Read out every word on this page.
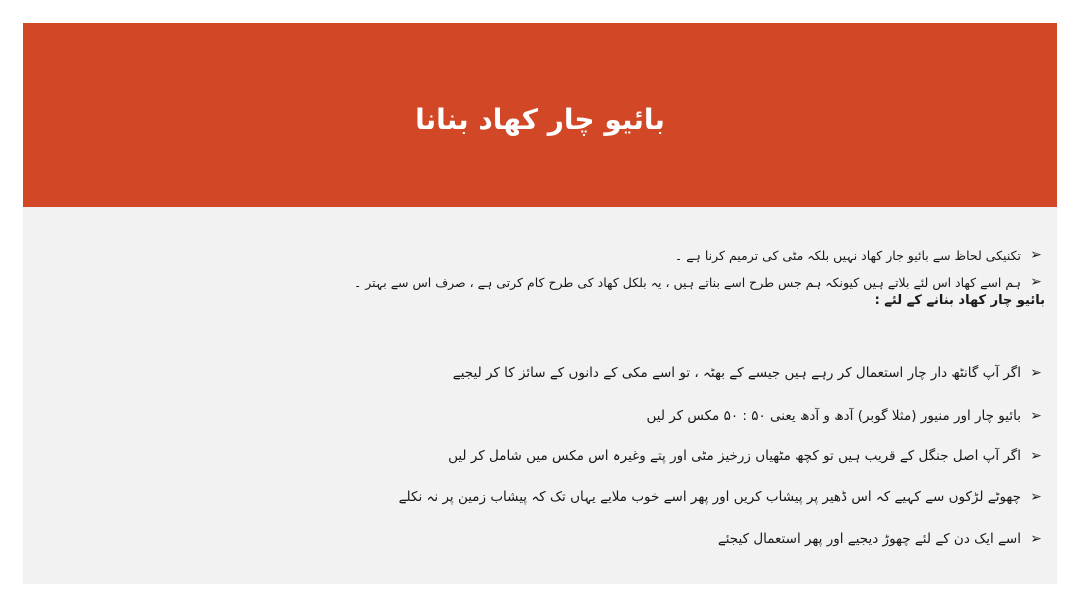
بائیو چار کھاد بنانا
➢
تکنیکی لحاظ سے بائیو جار کھاد نہیں بلکہ مٹی کی ترمیم کرنا ہے ۔
➢
ہم اسے کھاد اس لئے بلاتے ہیں کیونکہ ہم جس طرح اسے بناتے ہیں ، یہ بلکل کھاد کی طرح کام کرتی ہے ، صرف اس سے بہتر ۔
بائیو چار کھاد بنانے کے لئے :
➢
اگر آپ گانٹھ دار چار استعمال کر رہے ہیں جیسے کے بھٹہ ، تو اسے مکی کے دانوں کے سائز کا کر لیجیے
➢
بائیو چار اور منیور (مثلا گوبر) آدھ و آدھ یعنی ۵۰ : ۵۰ مکس کر لیں
➢
اگر آپ اصل جنگل کے قریب ہیں تو کچھ مٹھیاں زرخیز مٹی اور پتے وغیرہ اس مکس میں شامل کر لیں
➢
چھوٹے لڑکوں سے کہیے کہ اس ڈھیر پر پیشاب کریں اور پھر اسے خوب ملایے یہاں تک کہ پیشاب زمین پر نہ نکلے
➢
اسے ایک دن کے لئے چھوڑ دیجیے اور پھر استعمال کیجئے
